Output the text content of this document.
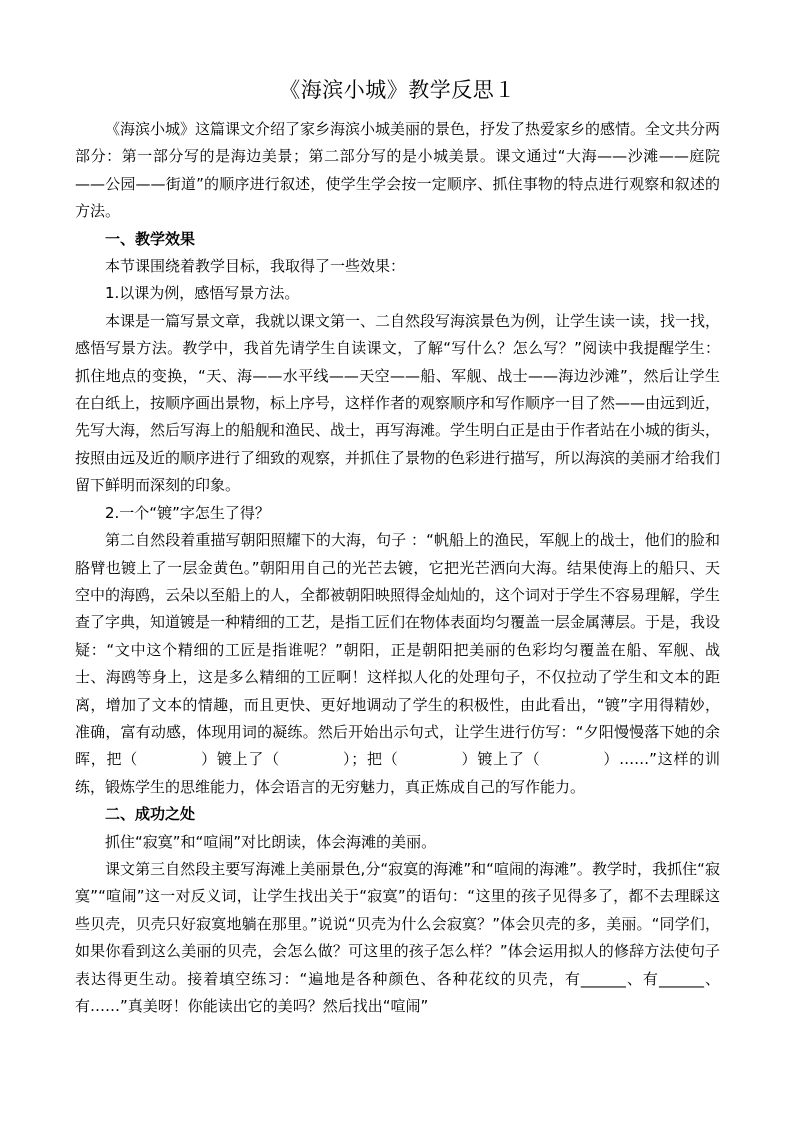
《海滨小城》教学反思１

《海滨小城》这篇课文介绍了家乡海滨小城美丽的景色，抒发了热爱家乡的感情。全文共分两部分：第一部分写的是海边美景；第二部分写的是小城美景。课文通过“大海——沙滩——庭院——公园——街道”的顺序进行叙述，使学生学会按一定顺序、抓住事物的特点进行观察和叙述的方法。

一、教学效果

本节课围绕着教学目标，我取得了一些效果：

1.以课为例，感悟写景方法。

本课是一篇写景文章，我就以课文第一、二自然段写海滨景色为例，让学生读一读，找一找，感悟写景方法。教学中，我首先请学生自读课文，了解“写什么？怎么写？”阅读中我提醒学生：抓住地点的变换，“天、海——水平线——天空——船、军舰、战士——海边沙滩”，然后让学生在白纸上，按顺序画出景物，标上序号，这样作者的观察顺序和写作顺序一目了然——由远到近，先写大海，然后写海上的船舰和渔民、战士，再写海滩。学生明白正是由于作者站在小城的街头，按照由远及近的顺序进行了细致的观察，并抓住了景物的色彩进行描写，所以海滨的美丽才给我们留下鲜明而深刻的印象。

2.一个“镀”字怎生了得？

第二自然段着重描写朝阳照耀下的大海，句子 ：“帆船上的渔民，军舰上的战士，他们的脸和胳臂也镀上了一层金黄色。”朝阳用自己的光芒去镀，它把光芒洒向大海。结果使海上的船只、天空中的海鸥，云朵以至船上的人，全都被朝阳映照得金灿灿的，这个词对于学生不容易理解，学生查了字典，知道镀是一种精细的工艺，是指工匠们在物体表面均匀覆盖一层金属薄层。于是，我设疑：“文中这个精细的工匠是指谁呢？”朝阳，正是朝阳把美丽的色彩均匀覆盖在船、军舰、战士、海鸥等身上，这是多么精细的工匠啊！这样拟人化的处理句子，不仅拉动了学生和文本的距离，增加了文本的情趣，而且更快、更好地调动了学生的积极性，由此看出，“镀”字用得精妙，准确，富有动感，体现用词的凝练。然后开始出示句式，让学生进行仿写：“夕阳慢慢落下她的余晖，把（　　　　）镀上了（　　　　）；把（　　　　）镀上了（　　　　）……”这样的训练，锻炼学生的思维能力，体会语言的无穷魅力，真正炼成自己的写作能力。

二、成功之处

抓住“寂寞”和“喧闹”对比朗读，体会海滩的美丽。

课文第三自然段主要写海滩上美丽景色,分“寂寞的海滩”和“喧闹的海滩”。教学时，我抓住“寂寞”“喧闹”这一对反义词，让学生找出关于“寂寞”的语句：“这里的孩子见得多了，都不去理睬这些贝壳，贝壳只好寂寞地躺在那里。”说说“贝壳为什么会寂寞？”体会贝壳的多，美丽。“同学们，如果你看到这么美丽的贝壳，会怎么做？可这里的孩子怎么样？”体会运用拟人的修辞方法使句子表达得更生动。接着填空练习：“遍地是各种颜色、各种花纹的贝壳，有______、有______、有……”真美呀！你能读出它的美吗？然后找出“喧闹”
